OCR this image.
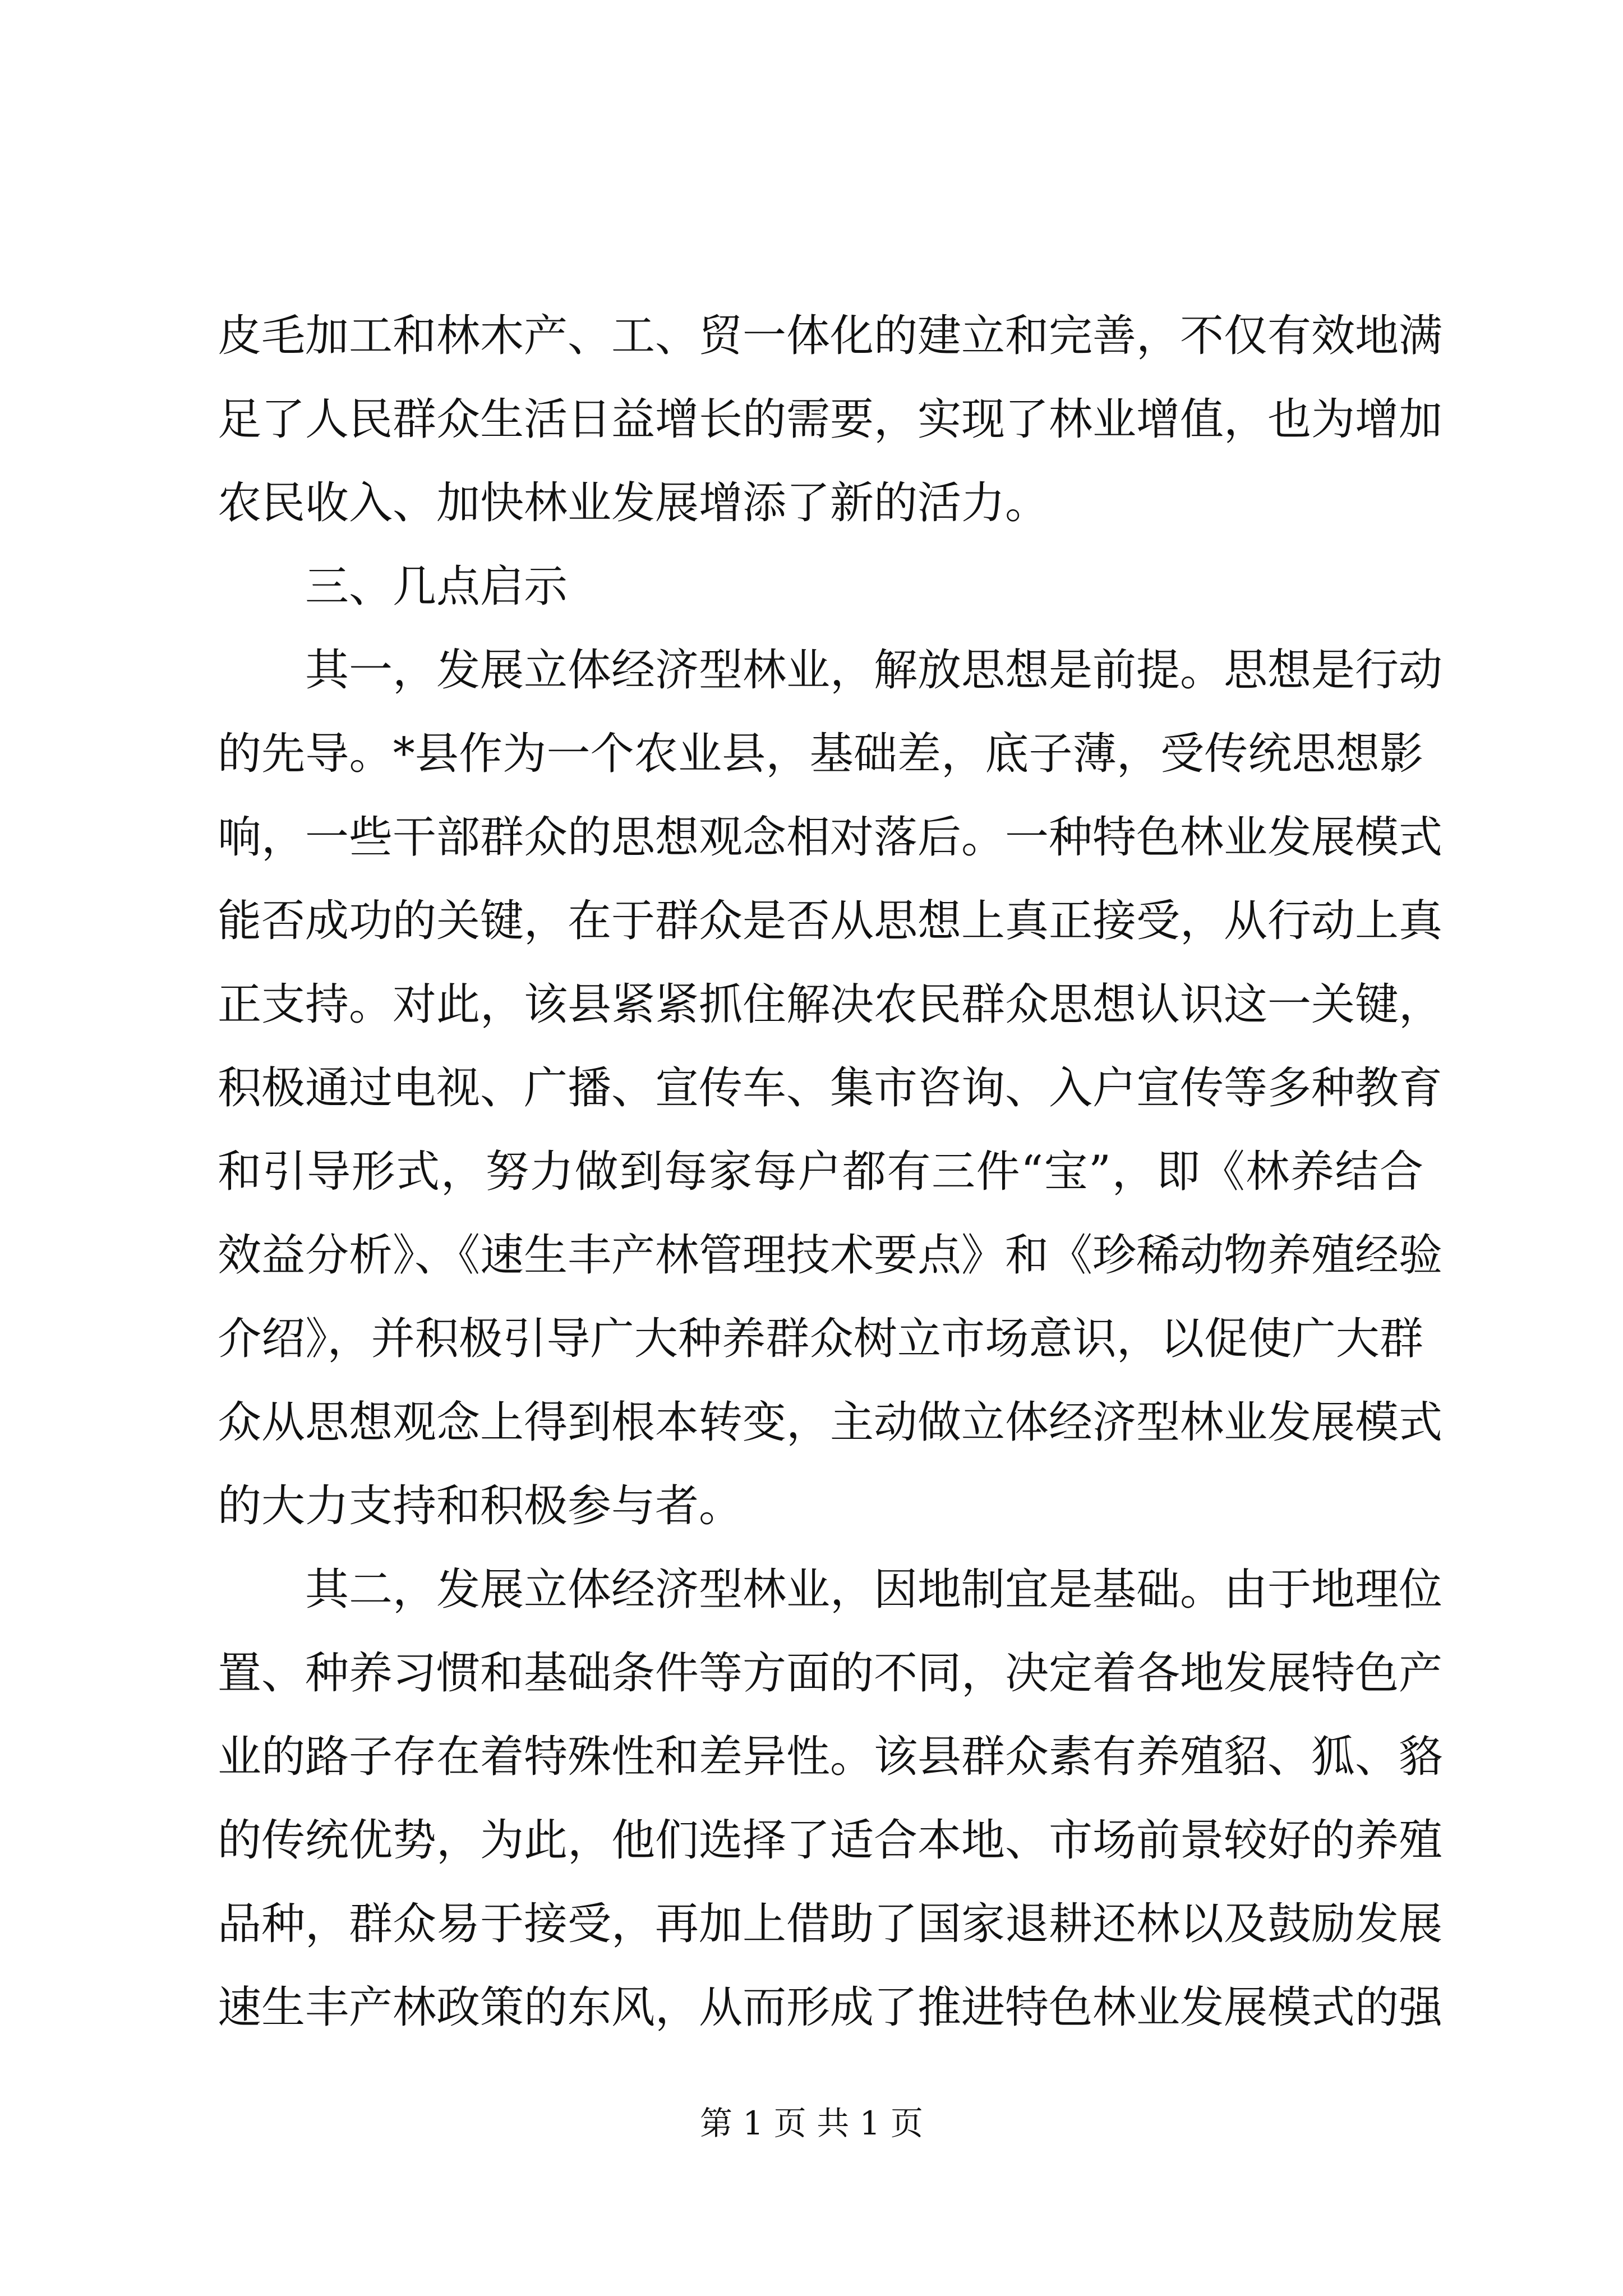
皮毛加工和林木产、工、贸一体化的建立和完善，不仅有效地满
足了人民群众生活日益增长的需要，实现了林业增值，也为增加
农民收入、加快林业发展增添了新的活力。
三、几点启示
其一，发展立体经济型林业，解放思想是前提。思想是行动
的先导。*县作为一个农业县，基础差，底子薄，受传统思想影
响，一些干部群众的思想观念相对落后。一种特色林业发展模式
能否成功的关键，在于群众是否从思想上真正接受，从行动上真
正支持。对此，该县紧紧抓住解决农民群众思想认识这一关键，
积极通过电视、广播、宣传车、集市咨询、入户宣传等多种教育
和引导形式，努力做到每家每户都有三件“宝”，即《林养结合
效益分析》、《速生丰产林管理技术要点》和《珍稀动物养殖经验
介绍》，并积极引导广大种养群众树立市场意识，以促使广大群
众从思想观念上得到根本转变，主动做立体经济型林业发展模式
的大力支持和积极参与者。
其二，发展立体经济型林业，因地制宜是基础。由于地理位
置、种养习惯和基础条件等方面的不同，决定着各地发展特色产
业的路子存在着特殊性和差异性。该县群众素有养殖貂、狐、貉
的传统优势，为此，他们选择了适合本地、市场前景较好的养殖
品种，群众易于接受，再加上借助了国家退耕还林以及鼓励发展
速生丰产林政策的东风，从而形成了推进特色林业发展模式的强
第 1 页 共 1 页
